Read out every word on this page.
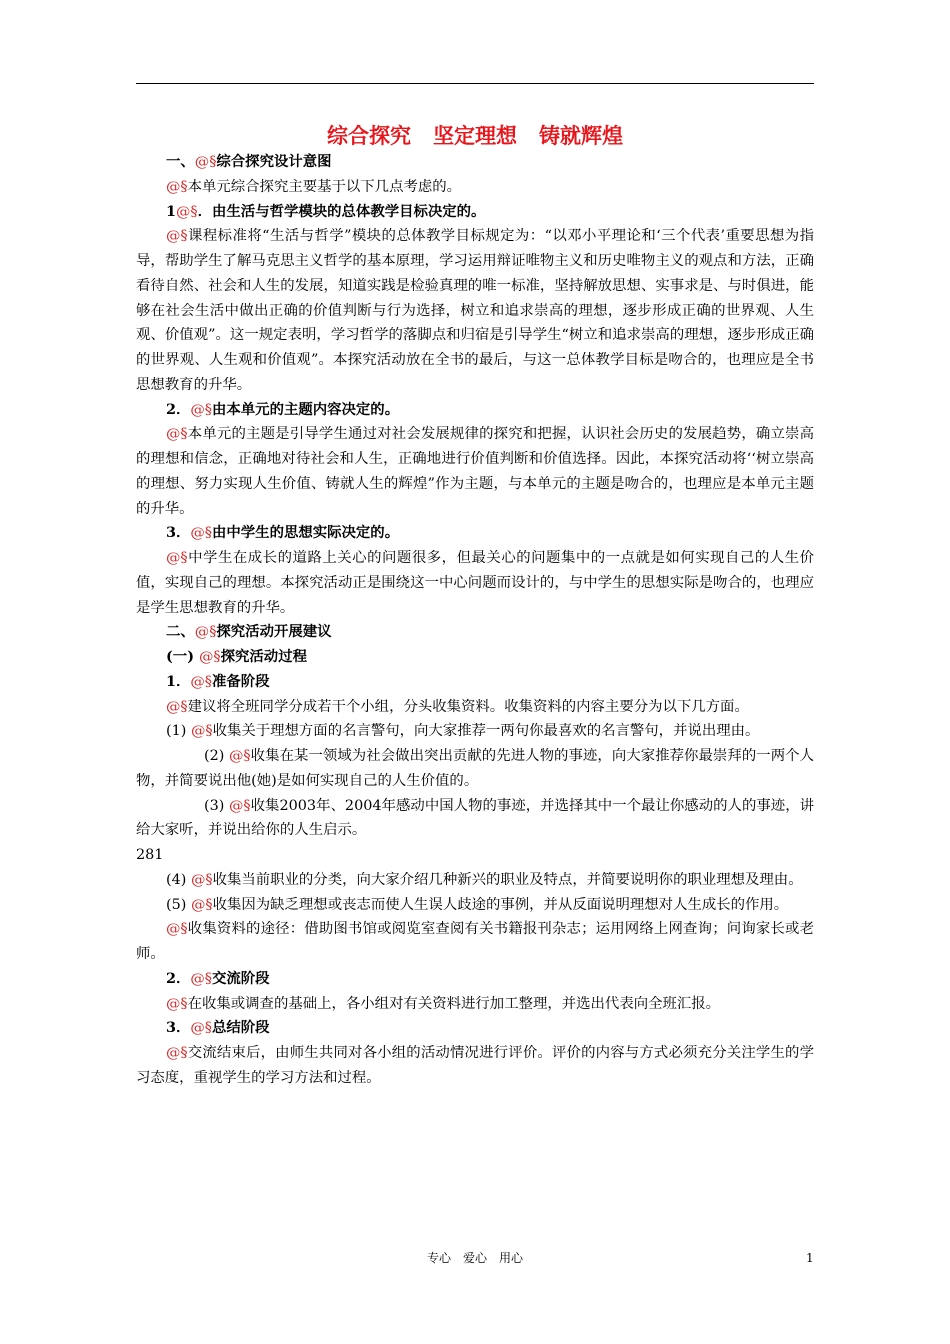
综合探究 坚定理想 铸就辉煌

一、@§综合探究设计意图

@§本单元综合探究主要基于以下几点考虑的。

1@§．由生活与哲学模块的总体教学目标决定的。

@§课程标准将“生活与哲学”模块的总体教学目标规定为：“以邓小平理论和‘三个代表’重要思想为指导，帮助学生了解马克思主义哲学的基本原理，学习运用辩证唯物主义和历史唯物主义的观点和方法，正确看待自然、社会和人生的发展，知道实践是检验真理的唯一标准，坚持解放思想、实事求是、与时俱进，能够在社会生活中做出正确的价值判断与行为选择，树立和追求崇高的理想，逐步形成正确的世界观、人生观、价值观”。这一规定表明，学习哲学的落脚点和归宿是引导学生“树立和追求崇高的理想，逐步形成正确的世界观、人生观和价值观”。本探究活动放在全书的最后，与这一总体教学目标是吻合的，也理应是全书思想教育的升华。

2．@§由本单元的主题内容决定的。

@§本单元的主题是引导学生通过对社会发展规律的探究和把握，认识社会历史的发展趋势，确立崇高的理想和信念，正确地对待社会和人生，正确地进行价值判断和价值选择。因此，本探究活动将‘‘树立崇高的理想、努力实现人生价值、铸就人生的辉煌”作为主题，与本单元的主题是吻合的，也理应是本单元主题的升华。

3．@§由中学生的思想实际决定的。

@§中学生在成长的道路上关心的问题很多，但最关心的问题集中的一点就是如何实现自己的人生价值，实现自己的理想。本探究活动正是围绕这一中心问题而设计的，与中学生的思想实际是吻合的，也理应是学生思想教育的升华。

二、@§探究活动开展建议

(一) @§探究活动过程

1．@§准备阶段

@§建议将全班同学分成若干个小组，分头收集资料。收集资料的内容主要分为以下几方面。

(1) @§收集关于理想方面的名言警句，向大家推荐一两句你最喜欢的名言警句，并说出理由。

(2) @§收集在某一领域为社会做出突出贡献的先进人物的事迹，向大家推荐你最崇拜的一两个人物，并简要说出他(她)是如何实现自己的人生价值的。

(3) @§收集2003年、2004年感动中国人物的事迹，并选择其中一个最让你感动的人的事迹，讲给大家听，并说出给你的人生启示。

281

(4) @§收集当前职业的分类，向大家介绍几种新兴的职业及特点，并简要说明你的职业理想及理由。

(5) @§收集因为缺乏理想或丧志而使人生误人歧途的事例，并从反面说明理想对人生成长的作用。

@§收集资料的途径：借助图书馆或阅览室查阅有关书籍报刊杂志；运用网络上网查询；问询家长或老师。

2．@§交流阶段

@§在收集或调查的基础上，各小组对有关资料进行加工整理，并选出代表向全班汇报。

3．@§总结阶段

@§交流结束后，由师生共同对各小组的活动情况进行评价。评价的内容与方式必须充分关注学生的学习态度，重视学生的学习方法和过程。

专心 爱心 用心	1
